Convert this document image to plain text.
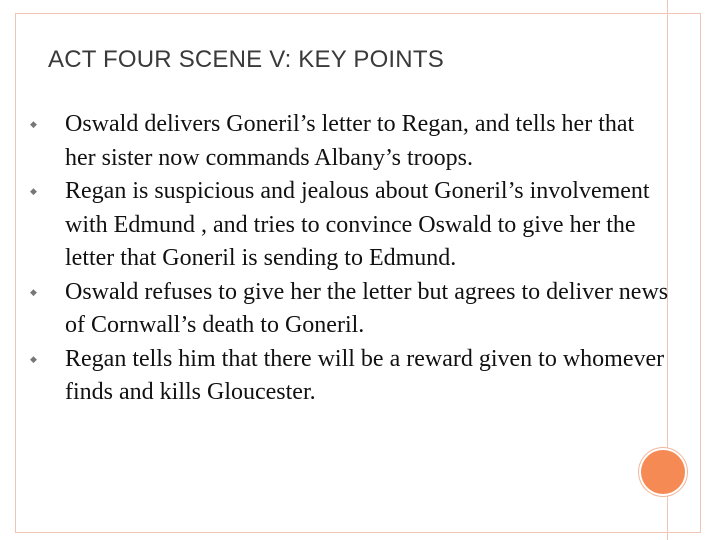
ACT FOUR SCENE V: KEY POINTS
◆ Oswald delivers Goneril’s letter to Regan, and tells her that her sister now commands Albany’s troops.
◆ Regan is suspicious and jealous about Goneril’s involvement with Edmund , and tries to convince Oswald to give her the letter that Goneril is sending to Edmund.
◆ Oswald refuses to give her the letter but agrees to deliver news of Cornwall’s death to Goneril.
◆ Regan tells him that there will be a reward given to whomever finds and kills Gloucester.
